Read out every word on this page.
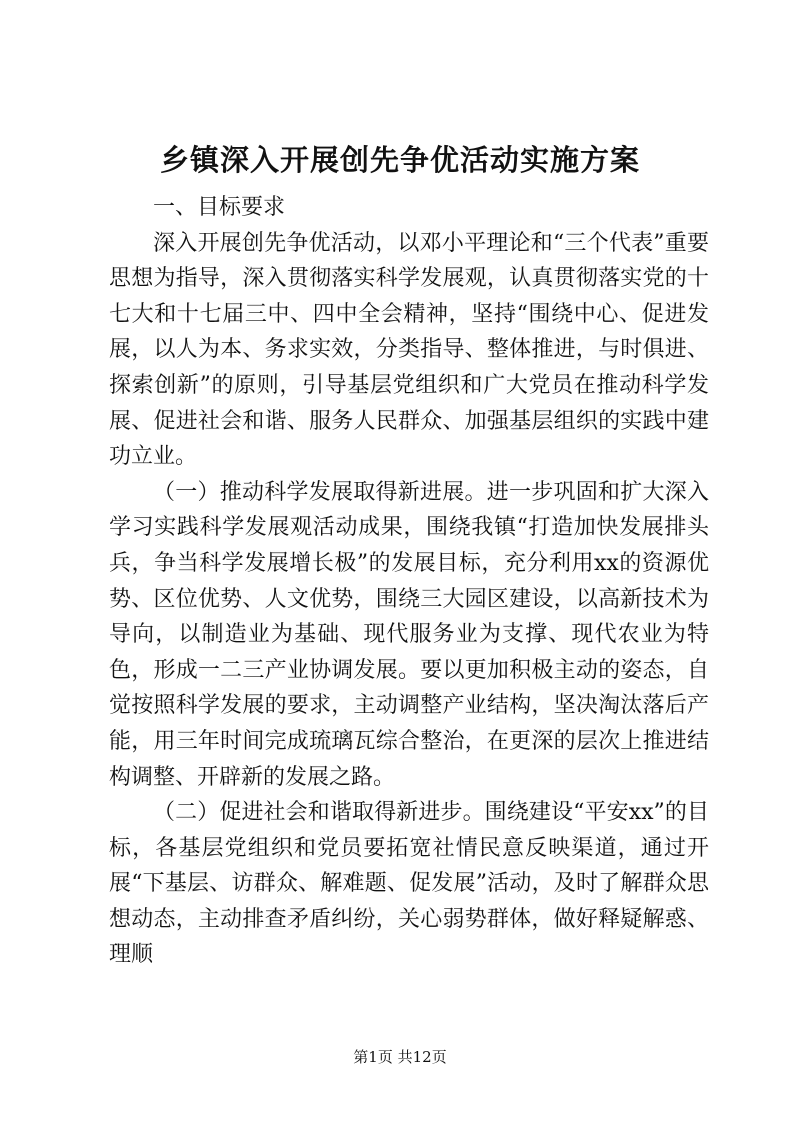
乡镇深入开展创先争优活动实施方案

一、目标要求

深入开展创先争优活动，以邓小平理论和“三个代表”重要思想为指导，深入贯彻落实科学发展观，认真贯彻落实党的十七大和十七届三中、四中全会精神，坚持“围绕中心、促进发展，以人为本、务求实效，分类指导、整体推进，与时俱进、探索创新”的原则，引导基层党组织和广大党员在推动科学发展、促进社会和谐、服务人民群众、加强基层组织的实践中建功立业。

（一）推动科学发展取得新进展。进一步巩固和扩大深入学习实践科学发展观活动成果，围绕我镇“打造加快发展排头兵，争当科学发展增长极”的发展目标，充分利用xx的资源优势、区位优势、人文优势，围绕三大园区建设，以高新技术为导向，以制造业为基础、现代服务业为支撑、现代农业为特色，形成一二三产业协调发展。要以更加积极主动的姿态，自觉按照科学发展的要求，主动调整产业结构，坚决淘汰落后产能，用三年时间完成琉璃瓦综合整治，在更深的层次上推进结构调整、开辟新的发展之路。

（二）促进社会和谐取得新进步。围绕建设“平安xx”的目标，各基层党组织和党员要拓宽社情民意反映渠道，通过开展“下基层、访群众、解难题、促发展”活动，及时了解群众思想动态，主动排查矛盾纠纷，关心弱势群体，做好释疑解惑、理顺

第1页 共12页
